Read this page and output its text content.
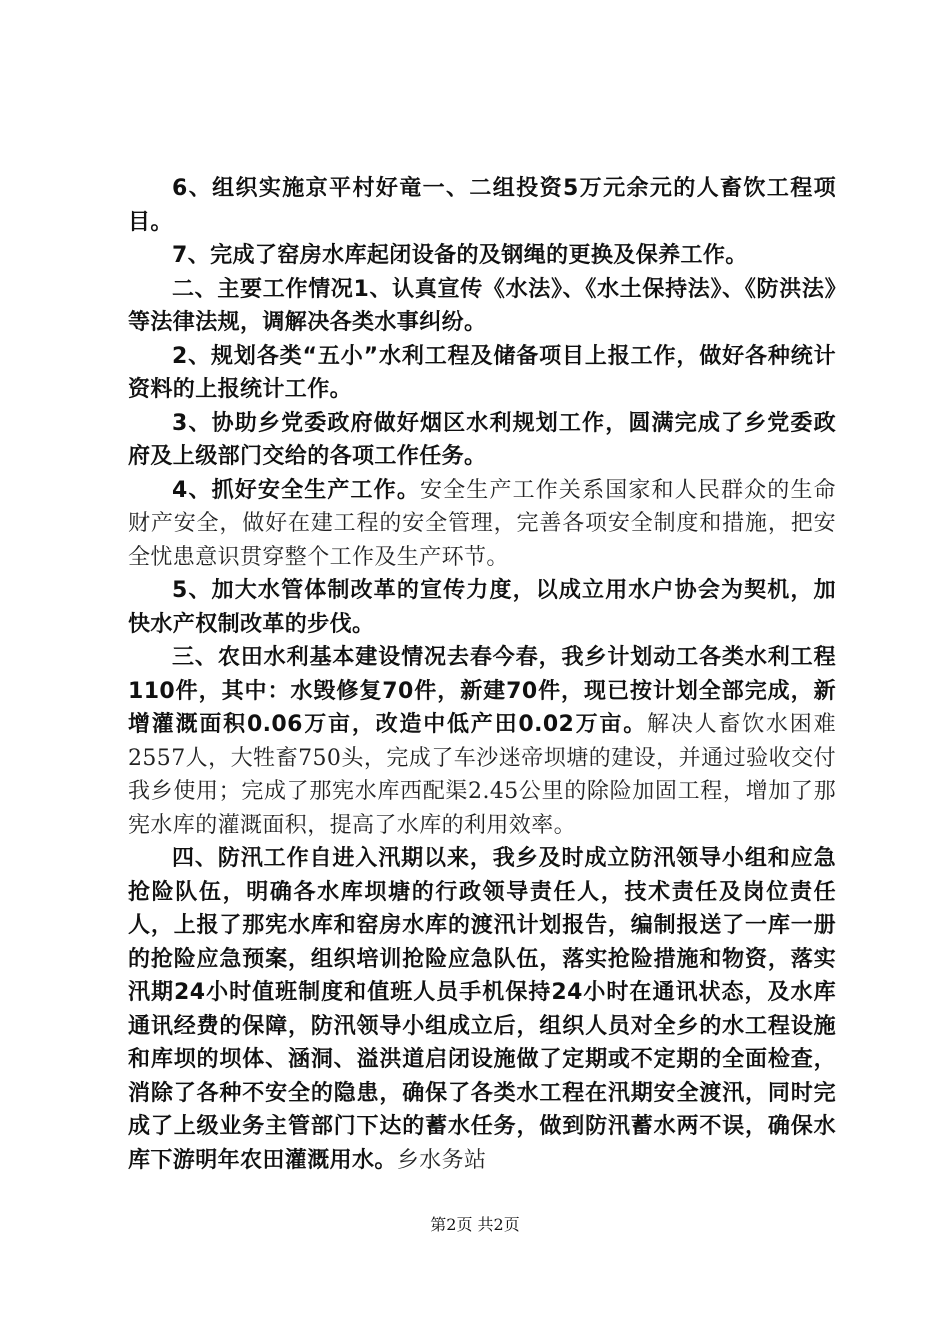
6、组织实施京平村好竜一、二组投资5万元余元的人畜饮工程项目。

7、完成了窑房水库起闭设备的及钢绳的更换及保养工作。

二、主要工作情况1、认真宣传《水法》、《水土保持法》、《防洪法》等法律法规，调解决各类水事纠纷。

2、规划各类“五小”水利工程及储备项目上报工作，做好各种统计资料的上报统计工作。

3、协助乡党委政府做好烟区水利规划工作，圆满完成了乡党委政府及上级部门交给的各项工作任务。

4、抓好安全生产工作。安全生产工作关系国家和人民群众的生命财产安全，做好在建工程的安全管理，完善各项安全制度和措施，把安全忧患意识贯穿整个工作及生产环节。

5、加大水管体制改革的宣传力度，以成立用水户协会为契机，加快水产权制改革的步伐。

三、农田水利基本建设情况去春今春，我乡计划动工各类水利工程110件，其中：水毁修复70件，新建70件，现已按计划全部完成，新增灌溉面积0.06万亩，改造中低产田0.02万亩。解决人畜饮水困难2557人，大牲畜750头，完成了车沙迷帝坝塘的建设，并通过验收交付我乡使用；完成了那宪水库西配渠2.45公里的除险加固工程，增加了那宪水库的灌溉面积，提高了水库的利用效率。

四、防汛工作自进入汛期以来，我乡及时成立防汛领导小组和应急抢险队伍，明确各水库坝塘的行政领导责任人，技术责任及岗位责任人，上报了那宪水库和窑房水库的渡汛计划报告，编制报送了一库一册的抢险应急预案，组织培训抢险应急队伍，落实抢险措施和物资，落实汛期24小时值班制度和值班人员手机保持24小时在通讯状态，及水库通讯经费的保障，防汛领导小组成立后，组织人员对全乡的水工程设施和库坝的坝体、涵洞、溢洪道启闭设施做了定期或不定期的全面检查，消除了各种不安全的隐患，确保了各类水工程在汛期安全渡汛，同时完成了上级业务主管部门下达的蓄水任务，做到防汛蓄水两不误，确保水库下游明年农田灌溉用水。乡水务站

第2页 共2页
